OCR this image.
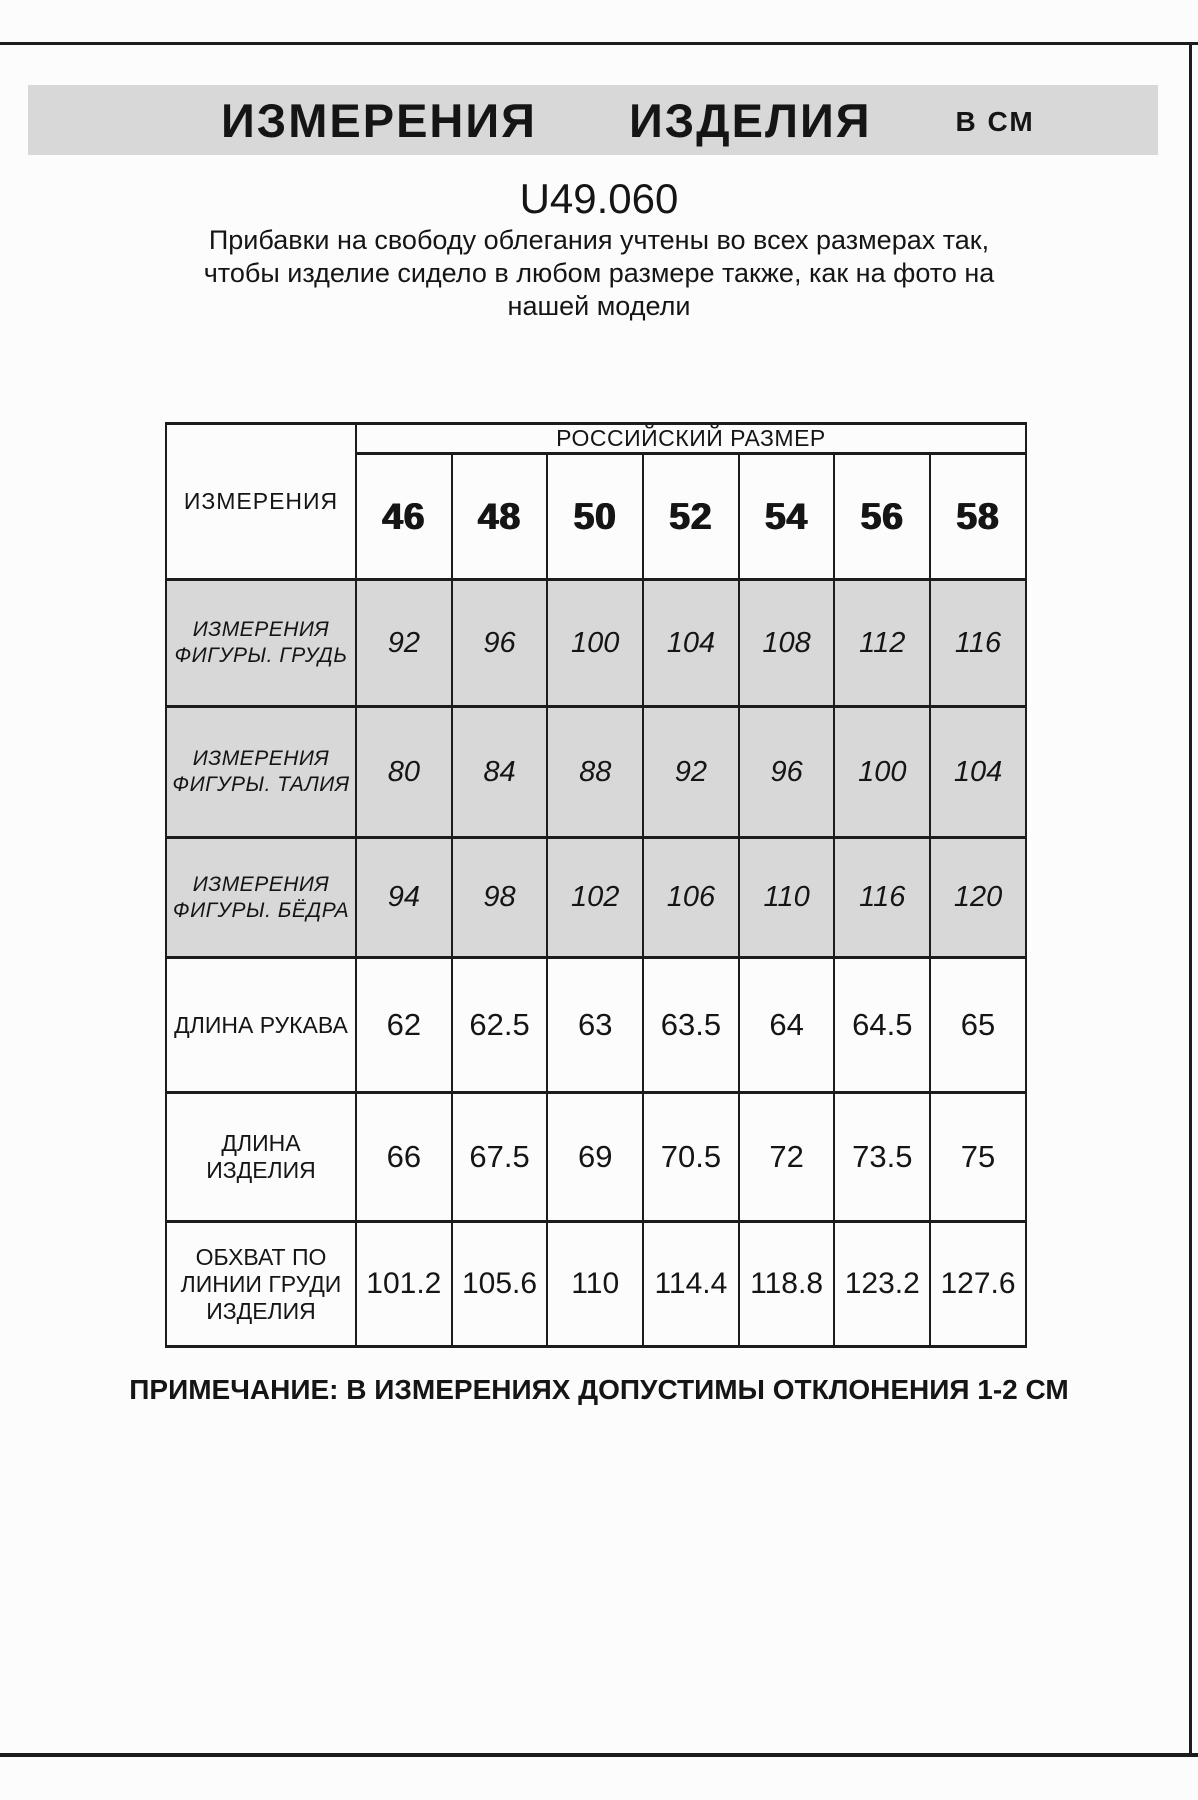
ИЗМЕРЕНИЯ ИЗДЕЛИЯ	В СМ
U49.060
Прибавки на свободу облегания учтены во всех размерах так,
чтобы изделие сидело в любом размере также, как на фото на
нашей модели
ИЗМЕРЕНИЯ	РОССИЙСКИЙ РАЗМЕР						
	46	48	50	52	54	56	58

ИЗМЕРЕНИЯ
ФИГУРЫ. ГРУДЬ	92	96	100	104	108	112	116

ИЗМЕРЕНИЯ
ФИГУРЫ. ТАЛИЯ	80	84	88	92	96	100	104

ИЗМЕРЕНИЯ
ФИГУРЫ. БЁДРА	94	98	102	106	110	116	120

ДЛИНА РУКАВА	62	62.5	63	63.5	64	64.5	65

ДЛИНА ИЗДЕЛИЯ	66	67.5	69	70.5	72	73.5	75

ОБХВАТ ПО
ЛИНИИ ГРУДИ
ИЗДЕЛИЯ	101.2	105.6	110	114.4	118.8	123.2	127.6
ПРИМЕЧАНИЕ: В ИЗМЕРЕНИЯХ ДОПУСТИМЫ ОТКЛОНЕНИЯ 1-2 СМ
